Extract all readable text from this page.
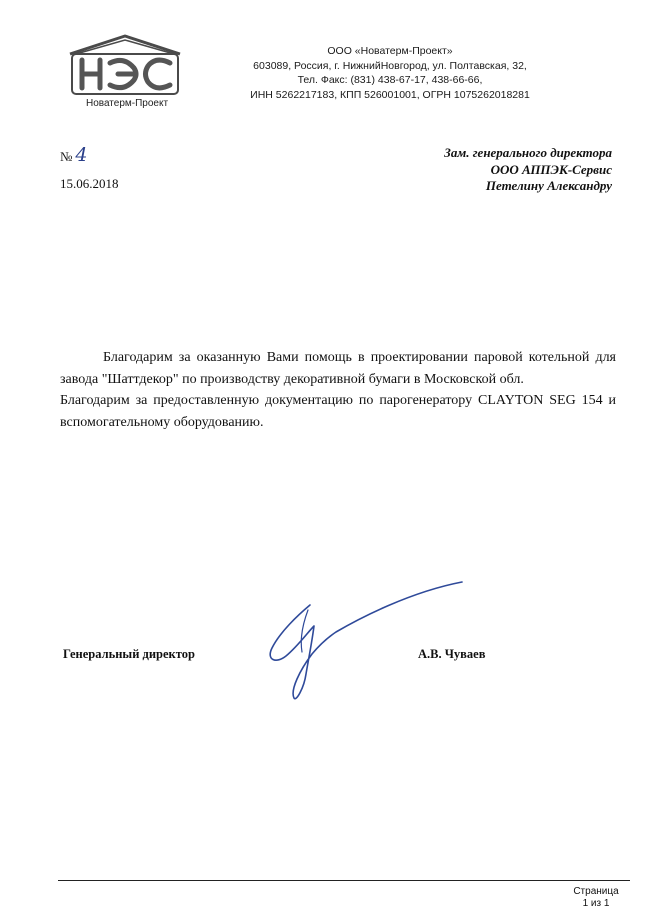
Новатерм-Проект
ООО «Новатерм-Проект»
603089, Россия, г. НижнийНовгород, ул. Полтавская, 32,
Тел. Факс: (831) 438-67-17, 438-66-66,
ИНН 5262217183, КПП 526001001, ОГРН 1075262018281
№ 4
15.06.2018
Зам. генерального директора
ООО АППЭК-Сервис
Петелину Александру

Благодарим за оказанную Вами помощь в проектировании паровой котельной для завода "Шаттдекор" по производству декоративной бумаги в Московской обл.

Благодарим за предоставленную документацию по парогенератору CLAYTON SEG 154 и вспомогательному оборудованию.

Генеральный директор	А.В. Чуваев
Страница
1 из 1
